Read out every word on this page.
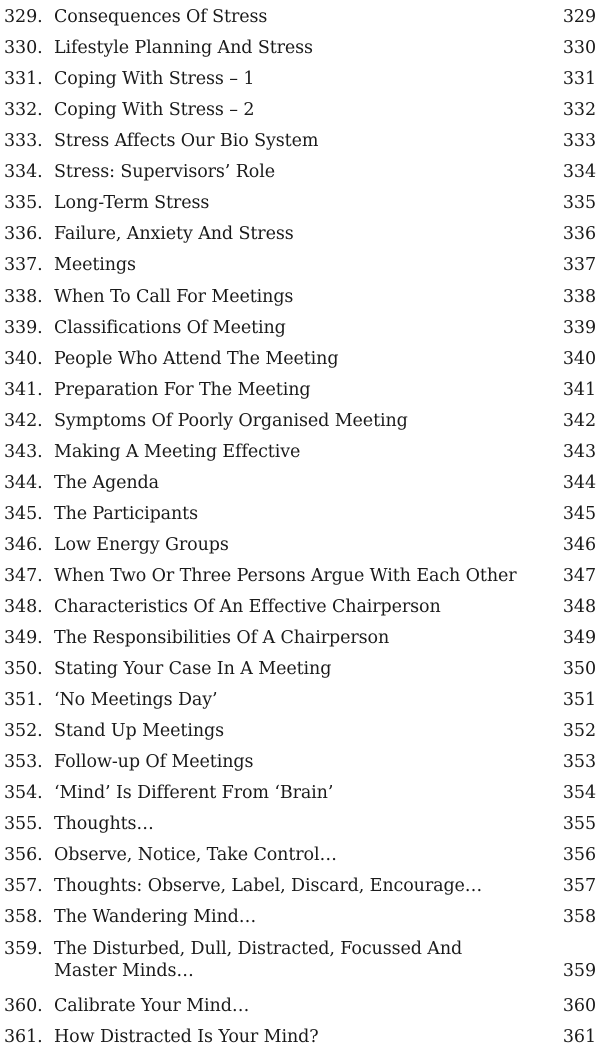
329. Consequences Of Stress	329
330. Lifestyle Planning And Stress	330
331. Coping With Stress – 1	331
332. Coping With Stress – 2	332
333. Stress Affects Our Bio System	333
334. Stress: Supervisors’ Role	334
335. Long-Term Stress	335
336. Failure, Anxiety And Stress	336
337. Meetings	337
338. When To Call For Meetings	338
339. Classifications Of Meeting	339
340. People Who Attend The Meeting	340
341. Preparation For The Meeting	341
342. Symptoms Of Poorly Organised Meeting	342
343. Making A Meeting Effective	343
344. The Agenda	344
345. The Participants	345
346. Low Energy Groups	346
347. When Two Or Three Persons Argue With Each Other	347
348. Characteristics Of An Effective Chairperson	348
349. The Responsibilities Of A Chairperson	349
350. Stating Your Case In A Meeting	350
351. ‘No Meetings Day’	351
352. Stand Up Meetings	352
353. Follow-up Of Meetings	353
354. ‘Mind’ Is Different From ‘Brain’	354
355. Thoughts…	355
356. Observe, Notice, Take Control…	356
357. Thoughts: Observe, Label, Discard, Encourage…	357
358. The Wandering Mind…	358
359. The Disturbed, Dull, Distracted, Focussed And
Master Minds…	359
360. Calibrate Your Mind…	360
361. How Distracted Is Your Mind?	361
